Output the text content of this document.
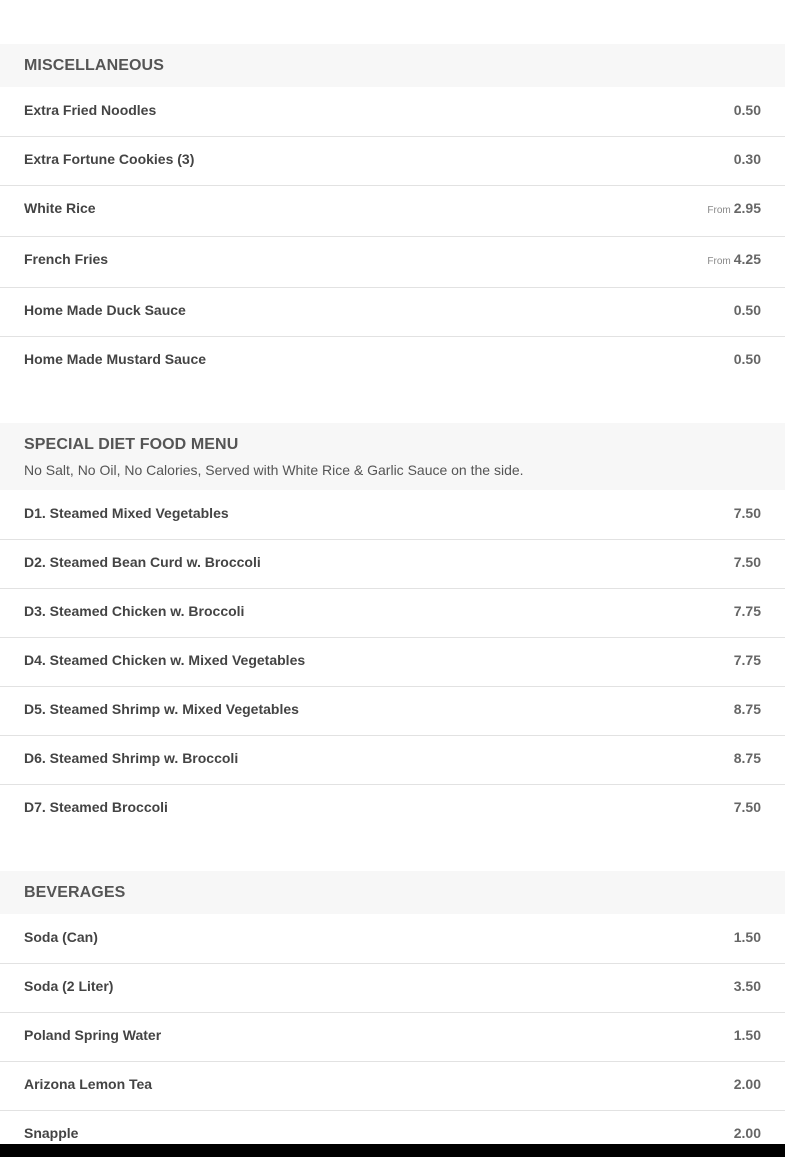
MISCELLANEOUS
Extra Fried Noodles	0.50
Extra Fortune Cookies (3)	0.30
White Rice	From 2.95
French Fries	From 4.25
Home Made Duck Sauce	0.50
Home Made Mustard Sauce	0.50
SPECIAL DIET FOOD MENU
No Salt, No Oil, No Calories, Served with White Rice & Garlic Sauce on the side.
D1. Steamed Mixed Vegetables	7.50
D2. Steamed Bean Curd w. Broccoli	7.50
D3. Steamed Chicken w. Broccoli	7.75
D4. Steamed Chicken w. Mixed Vegetables	7.75
D5. Steamed Shrimp w. Mixed Vegetables	8.75
D6. Steamed Shrimp w. Broccoli	8.75
D7. Steamed Broccoli	7.50
BEVERAGES
Soda (Can)	1.50
Soda (2 Liter)	3.50
Poland Spring Water	1.50
Arizona Lemon Tea	2.00
Snapple	2.00
